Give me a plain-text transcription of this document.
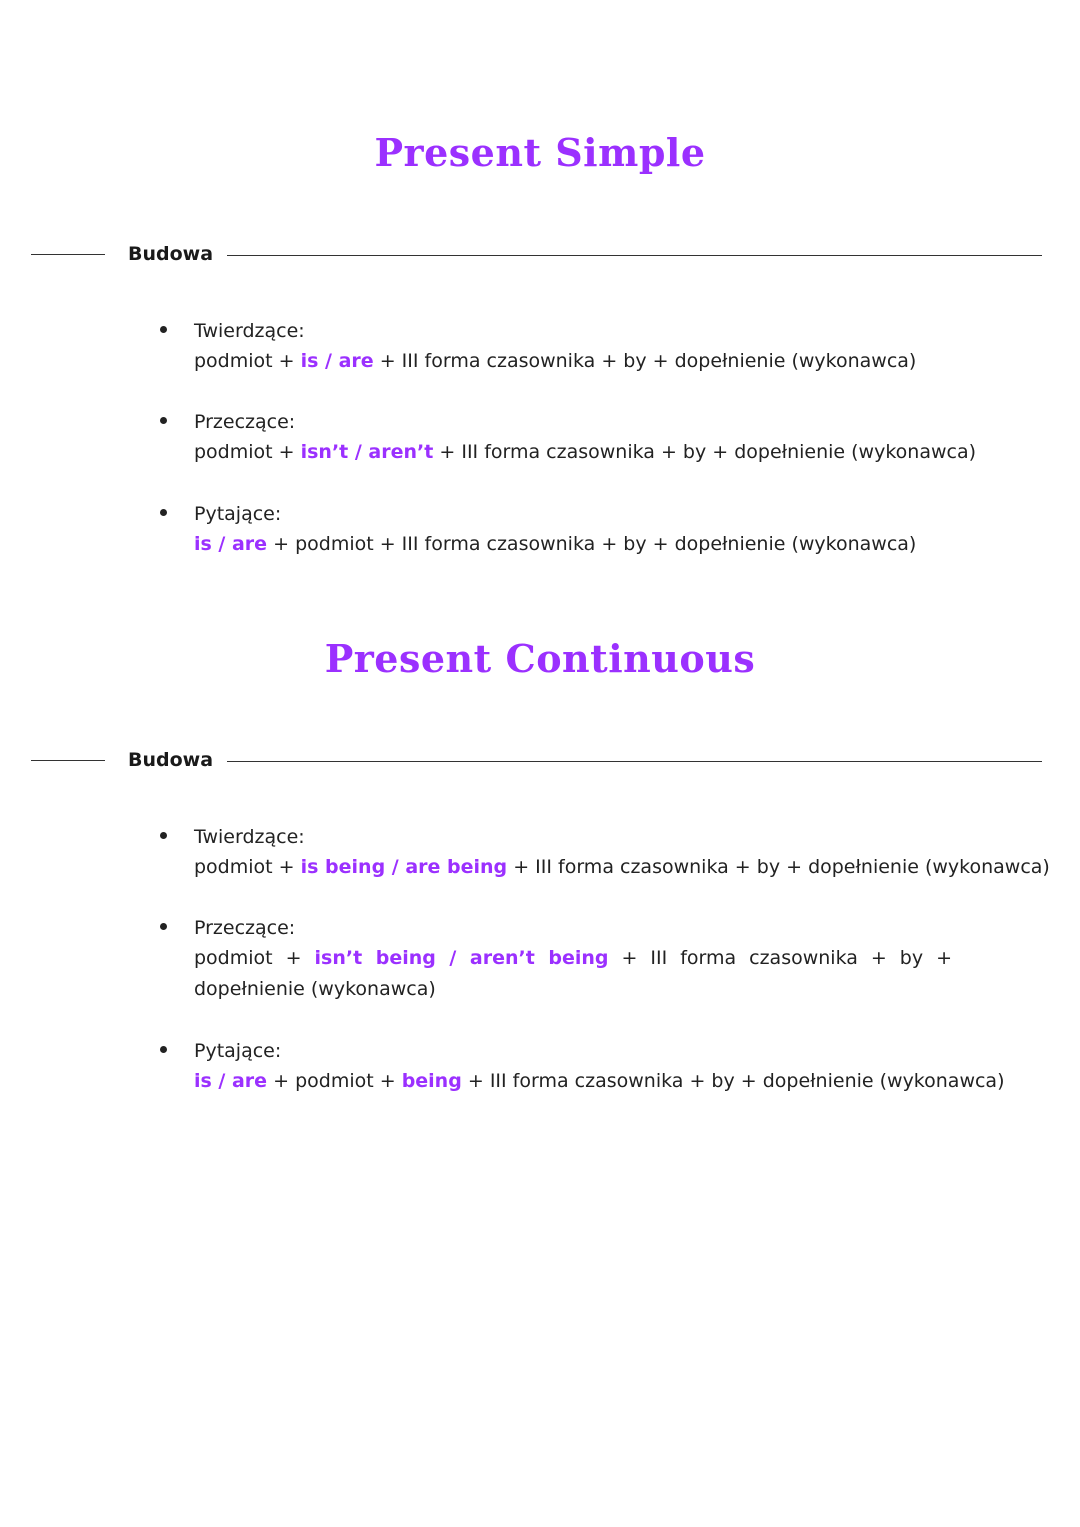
Present Simple
Budowa
Twierdzące:

podmiot + is / are + III forma czasownika + by + dopełnienie (wykonawca)

Przeczące:

podmiot + isn’t / aren’t + III forma czasownika + by + dopełnienie (wykonawca)

Pytające:

is / are + podmiot + III forma czasownika + by + dopełnienie (wykonawca)

Present Continuous
Budowa
Twierdzące:

podmiot + is being / are being + III forma czasownika + by + dopełnienie (wykonawca)

Przeczące:

podmiot + isn’t being / aren’t being + III forma czasownika + by + dopełnienie (wykonawca)

Pytające:

is / are + podmiot + being + III forma czasownika + by + dopełnienie (wykonawca)
